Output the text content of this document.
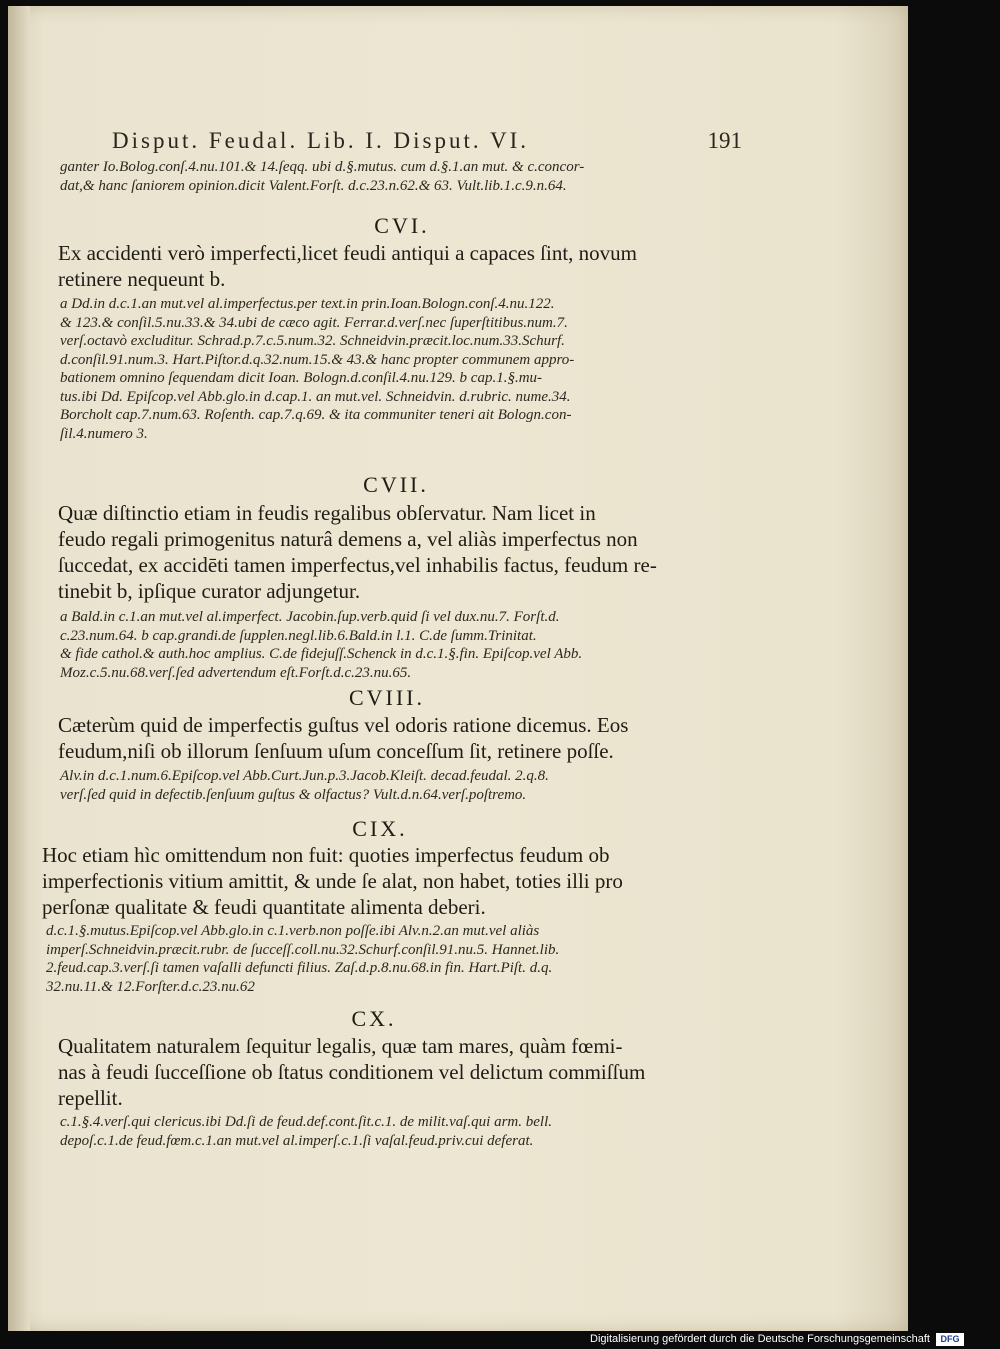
Disput. Feudal. Lib. I. Disput. VI.	191
ganter Io.Bolog.conſ.4.nu.101.& 14.ſeqq. ubi d.§.mutus. cum d.§.1.an mut. & c.concor-
dat,& hanc ſaniorem opinion.dicit Valent.Forſt. d.c.23.n.62.& 63. Vult.lib.1.c.9.n.64.
CVI.
Ex accidenti verò imperfecti,licet feudi antiqui a capaces ſint, novum
retinere nequeunt b.
a Dd.in d.c.1.an mut.vel al.imperfectus.per text.in prin.Ioan.Bologn.conſ.4.nu.122.
& 123.& conſil.5.nu.33.& 34.ubi de cæco agit. Ferrar.d.verſ.nec ſuperſtitibus.num.7.
verſ.octavò excluditur. Schrad.p.7.c.5.num.32. Schneidvin.præcit.loc.num.33.Schurf.
d.conſil.91.num.3. Hart.Piſtor.d.q.32.num.15.& 43.& hanc propter communem appro-
bationem omnino ſequendam dicit Ioan. Bologn.d.conſil.4.nu.129. b cap.1.§.mu-
tus.ibi Dd. Epiſcop.vel Abb.glo.in d.cap.1. an mut.vel. Schneidvin. d.rubric. nume.34.
Borcholt cap.7.num.63. Roſenth. cap.7.q.69. & ita communiter teneri ait Bologn.con-
ſil.4.numero 3.
CVII.
Quæ diſtinctio etiam in feudis regalibus obſervatur. Nam licet in
feudo regali primogenitus naturâ demens a, vel aliàs imperfectus non
ſuccedat, ex accidēti tamen imperfectus,vel inhabilis factus, feudum re-
tinebit b, ipſique curator adjungetur.
a Bald.in c.1.an mut.vel al.imperfect. Jacobin.ſup.verb.quid ſi vel dux.nu.7. Forſt.d.
c.23.num.64. b cap.grandi.de ſupplen.negl.lib.6.Bald.in l.1. C.de ſumm.Trinitat.
& fide cathol.& auth.hoc amplius. C.de fidejuſſ.Schenck in d.c.1.§.fin. Epiſcop.vel Abb.
Moz.c.5.nu.68.verſ.ſed advertendum eſt.Forſt.d.c.23.nu.65.
CVIII.
Cæterùm quid de imperfectis guſtus vel odoris ratione dicemus. Eos
feudum,niſi ob illorum ſenſuum uſum conceſſum ſit, retinere poſſe.
Alv.in d.c.1.num.6.Epiſcop.vel Abb.Curt.Jun.p.3.Jacob.Kleiſt. decad.feudal. 2.q.8.
verſ.ſed quid in defectib.ſenſuum guſtus & olfactus? Vult.d.n.64.verſ.poſtremo.
CIX.
Hoc etiam hìc omittendum non fuit: quoties imperfectus feudum ob
imperfectionis vitium amittit, & unde ſe alat, non habet, toties illi pro
perſonæ qualitate & feudi quantitate alimenta deberi.
d.c.1.§.mutus.Epiſcop.vel Abb.glo.in c.1.verb.non poſſe.ibi Alv.n.2.an mut.vel aliàs
imperſ.Schneidvin.præcit.rubr. de ſucceſſ.coll.nu.32.Schurf.conſil.91.nu.5. Hannet.lib.
2.feud.cap.3.verſ.ſi tamen vaſalli defuncti filius. Zaſ.d.p.8.nu.68.in fin. Hart.Piſt. d.q.
32.nu.11.& 12.Forſter.d.c.23.nu.62
CX.
Qualitatem naturalem ſequitur legalis, quæ tam mares, quàm fœmi-
nas à feudi ſucceſſione ob ſtatus conditionem vel delictum commiſſum
repellit.
c.1.§.4.verſ.qui clericus.ibi Dd.ſi de feud.def.cont.ſit.c.1. de milit.vaſ.qui arm. bell.
depoſ.c.1.de feud.fœm.c.1.an mut.vel al.imperſ.c.1.ſi vaſal.feud.priv.cui deferat.
Digitalisierung gefördert durch die Deutsche Forschungsgemeinschaft	DFG
